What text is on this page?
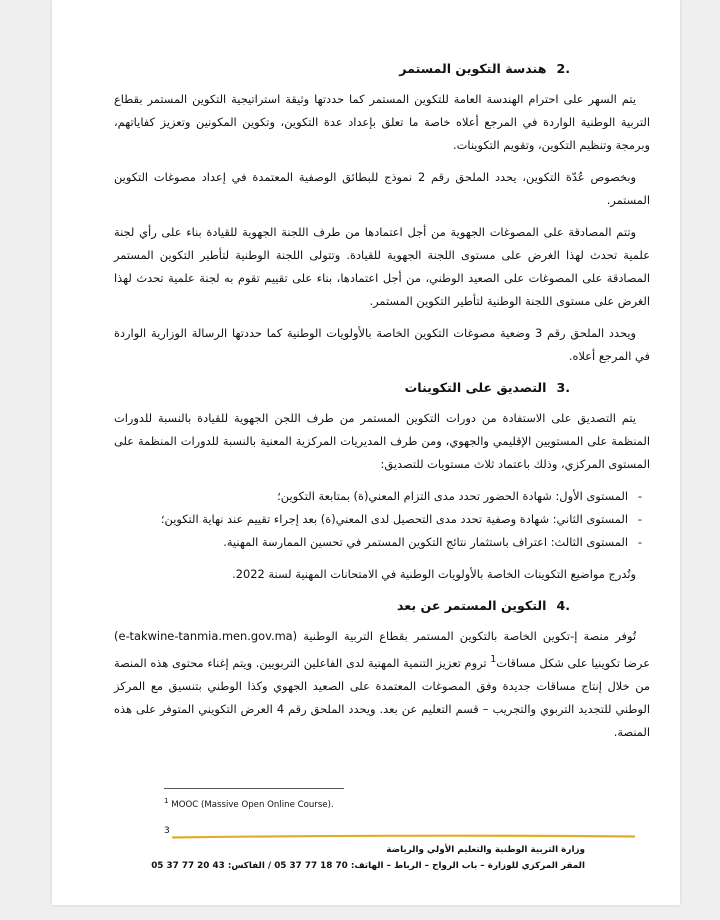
.2هندسة التكوين المستمر

يتم السهر على احترام الهندسة العامة للتكوين المستمر كما حددتها وثيقة استراتيجية التكوين المستمر بقطاع التربية الوطنية الواردة في المرجع أعلاه خاصة ما تعلق بإعداد عدة التكوين، وتكوين المكونين وتعزيز كفاياتهم، وبرمجة وتنظيم التكوين، وتقويم التكوينات.

وبخصوص عُدّة التكوين، يحدد الملحق رقم 2 نموذج للبطائق الوصفية المعتمدة في إعداد مصوغات التكوين المستمر.

وتتم المصادقة على المصوغات الجهوية من أجل اعتمادها من طرف اللجنة الجهوية للقيادة بناء على رأي لجنة علمية تحدث لهذا الغرض على مستوى اللجنة الجهوية للقيادة. وتتولى اللجنة الوطنية لتأطير التكوين المستمر المصادقة على المصوغات على الصعيد الوطني، من أجل اعتمادها، بناء على تقييم تقوم به لجنة علمية تحدث لهذا الغرض على مستوى اللجنة الوطنية لتأطير التكوين المستمر.

ويحدد الملحق رقم 3 وضعية مصوغات التكوين الخاصة بالأولويات الوطنية كما حددتها الرسالة الوزارية الواردة في المرجع أعلاه.

.3التصديق على التكوينات

يتم التصديق على الاستفادة من دورات التكوين المستمر من طرف اللجن الجهوية للقيادة بالنسبة للدورات المنظمة على المستويين الإقليمي والجهوي، ومن طرف المديريات المركزية المعنية بالنسبة للدورات المنظمة على المستوى المركزي، وذلك باعتماد ثلاث مستويات للتصديق:

- المستوى الأول: شهادة الحضور تحدد مدى التزام المعني(ة) بمتابعة التكوين؛
- المستوى الثاني: شهادة وصفية تحدد مدى التحصيل لدى المعني(ة) بعد إجراء تقييم عند نهاية التكوين؛
- المستوى الثالث: اعتراف باستثمار نتائج التكوين المستمر في تحسين الممارسة المهنية.

وتُدرج مواضيع التكوينات الخاصة بالأولويات الوطنية في الامتحانات المهنية لسنة 2022.

.4التكوين المستمر عن بعد

تُوفر منصة إ-تكوين الخاصة بالتكوين المستمر بقطاع التربية الوطنية (e-takwine-tanmia.men.gov.ma) عرضا تكوينيا على شكل مساقات$^1$ تروم تعزيز التنمية المهنية لدى الفاعلين التربويين. ويتم إغناء محتوى هذه المنصة من خلال إنتاج مساقات جديدة وفق المصوغات المعتمدة على الصعيد الجهوي وكذا الوطني بتنسيق مع المركز الوطني للتجديد التربوي والتجريب – قسم التعليم عن بعد. ويحدد الملحق رقم 4 العرض التكويني المتوفر على هذه المنصة.

$^1$ MOOC (Massive Open Online Course).
3
وزارة التربية الوطنية والتعليم الأولي والرياضة
المقر المركزي للوزارة – باب الرواح – الرباط – الهاتف: 70 18 77 37 05 / الفاكس: 43 20 77 37 05
